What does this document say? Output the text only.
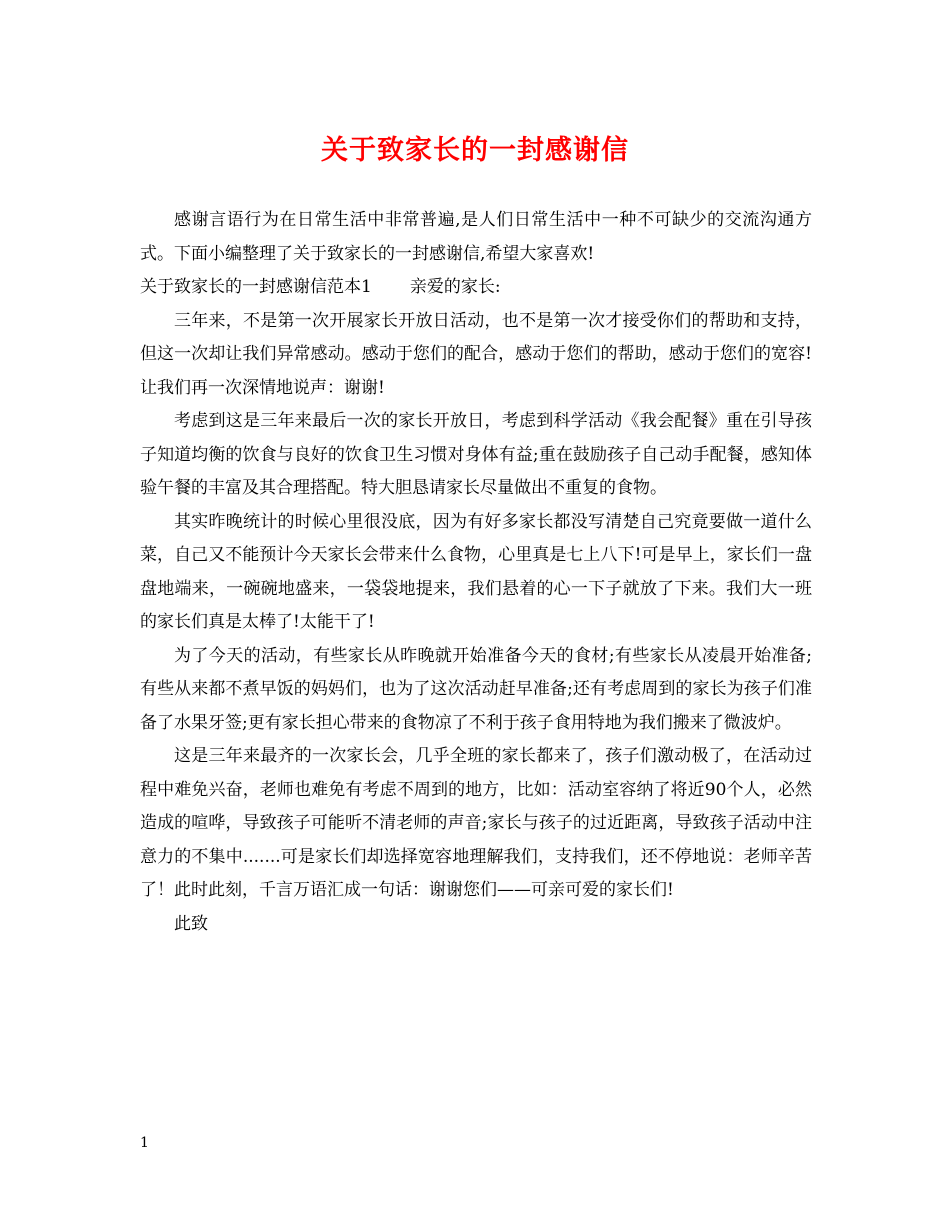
关于致家长的一封感谢信

感谢言语行为在日常生活中非常普遍,是人们日常生活中一种不可缺少的交流沟通方式。下面小编整理了关于致家长的一封感谢信,希望大家喜欢!

关于致家长的一封感谢信范本1 亲爱的家长:

三年来，不是第一次开展家长开放日活动，也不是第一次才接受你们的帮助和支持，但这一次却让我们异常感动。感动于您们的配合，感动于您们的帮助，感动于您们的宽容!让我们再一次深情地说声：谢谢!

考虑到这是三年来最后一次的家长开放日，考虑到科学活动《我会配餐》重在引导孩子知道均衡的饮食与良好的饮食卫生习惯对身体有益;重在鼓励孩子自己动手配餐，感知体验午餐的丰富及其合理搭配。特大胆恳请家长尽量做出不重复的食物。

其实昨晚统计的时候心里很没底，因为有好多家长都没写清楚自己究竟要做一道什么菜，自己又不能预计今天家长会带来什么食物，心里真是七上八下!可是早上，家长们一盘盘地端来，一碗碗地盛来，一袋袋地提来，我们悬着的心一下子就放了下来。我们大一班的家长们真是太棒了!太能干了!

为了今天的活动，有些家长从昨晚就开始准备今天的食材;有些家长从凌晨开始准备;有些从来都不煮早饭的妈妈们，也为了这次活动赶早准备;还有考虑周到的家长为孩子们准备了水果牙签;更有家长担心带来的食物凉了不利于孩子食用特地为我们搬来了微波炉。

这是三年来最齐的一次家长会，几乎全班的家长都来了，孩子们激动极了，在活动过程中难免兴奋，老师也难免有考虑不周到的地方，比如：活动室容纳了将近90个人，必然造成的喧哗，导致孩子可能听不清老师的声音;家长与孩子的过近距离，导致孩子活动中注意力的不集中.......可是家长们却选择宽容地理解我们，支持我们，还不停地说：老师辛苦了！此时此刻，千言万语汇成一句话：谢谢您们——可亲可爱的家长们!

此致

1
